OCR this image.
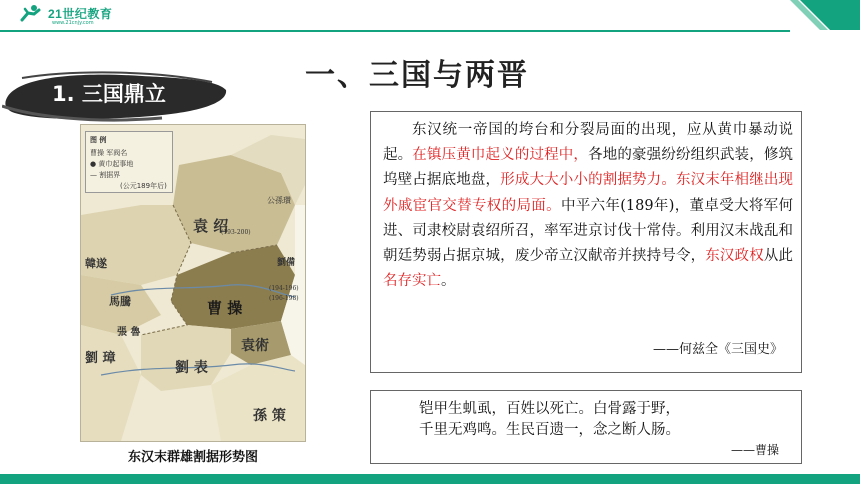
21世纪教育
www.21cnjy.com
一、三国与两晋
1. 三国鼎立
图 例
曹操 军阀名
● 黄巾起事地
— 割据界
(公元189年后)
袁 绍
曹 操
袁術
劉 表
孫 策
劉 璋
馬騰
韓遂
張 魯
劉備
公孫瓚
(193-200)
(194-196)
(196-198)
东汉末群雄割据形势图
东汉统一帝国的垮台和分裂局面的出现，应从黄巾暴动说起。在镇压黄巾起义的过程中，各地的豪强纷纷组织武装，修筑坞壁占据底地盘，形成大大小小的割据势力。东汉末年相继出现外戚宦官交替专权的局面。中平六年(189年)，董卓受大将军何进、司隶校尉袁绍所召，率军进京讨伐十常侍。利用汉末战乱和朝廷势弱占据京城，废少帝立汉献帝并挟持号令，东汉政权从此名存实亡。
——何兹全《三国史》
铠甲生虮虱，百姓以死亡。白骨露于野，
千里无鸡鸣。生民百遗一，念之断人肠。
——曹操
